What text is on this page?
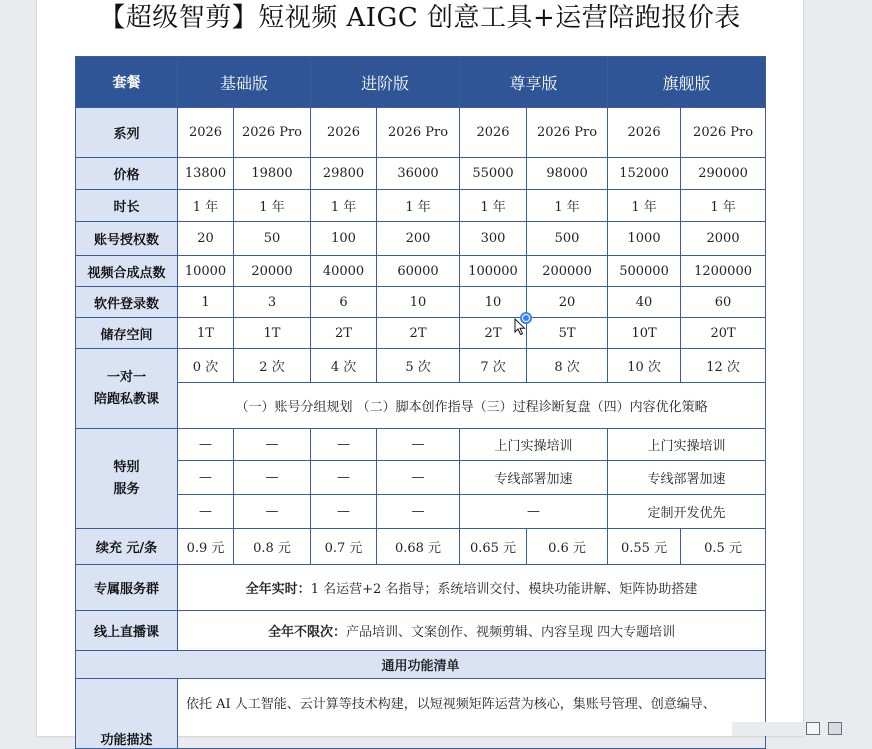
【超级智剪】短视频 AIGC 创意工具+运营陪跑报价表
套餐	基础版		进阶版		尊享版		旗舰版	
系列	2026	2026 Pro	2026	2026 Pro	2026	2026 Pro	2026	2026 Pro
价格	13800	19800	29800	36000	55000	98000	152000	290000
时长	1 年	1 年	1 年	1 年	1 年	1 年	1 年	1 年
账号授权数	20	50	100	200	300	500	1000	2000
视频合成点数	10000	20000	40000	60000	100000	200000	500000	1200000
软件登录数	1	3	6	10	10	20	40	60
储存空间	1T	1T	2T	2T	2T	5T	10T	20T

一对一
陪跑私教课	0 次	2 次	4 次	5 次	7 次	8 次	10 次	12 次
	（一）账号分组规划 （二）脚本创作指导（三）过程诊断复盘（四）内容优化策略							

特别
服务	—	—	—	—	上门实操培训		上门实操培训	
	—	—	—	—	专线部署加速		专线部署加速	
	—	—	—	—	—		定制开发优先	
续充 元/条	0.9 元	0.8 元	0.7 元	0.68 元	0.65 元	0.6 元	0.55 元	0.5 元
专属服务群	全年实时：1 名运营+2 名指导；系统培训交付、模块功能讲解、矩阵协助搭建							
线上直播课	全年不限次：产品培训、文案创作、视频剪辑、内容呈现 四大专题培训							
通用功能清单								
功能描述	依托 AI 人工智能、云计算等技术构建，以短视频矩阵运营为核心，集账号管理、创意编导、							
